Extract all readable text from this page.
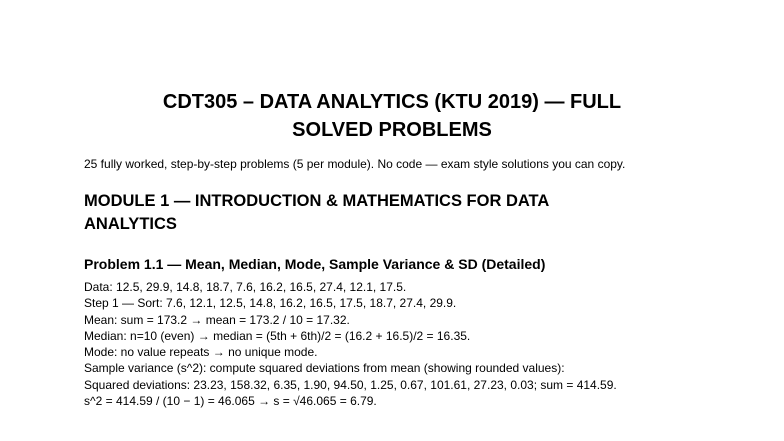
CDT305 – DATA ANALYTICS (KTU 2019) — FULL
SOLVED PROBLEMS

25 fully worked, step-by-step problems (5 per module). No code — exam style solutions you can copy.

MODULE 1 — INTRODUCTION & MATHEMATICS FOR DATA
ANALYTICS
Problem 1.1 — Mean, Median, Mode, Sample Variance & SD (Detailed)
Data: 12.5, 29.9, 14.8, 18.7, 7.6, 16.2, 16.5, 27.4, 12.1, 17.5.
Step 1 — Sort: 7.6, 12.1, 12.5, 14.8, 16.2, 16.5, 17.5, 18.7, 27.4, 29.9.
Mean: sum = 173.2 → mean = 173.2 / 10 = 17.32.
Median: n=10 (even) → median = (5th + 6th)/2 = (16.2 + 16.5)/2 = 16.35.
Mode: no value repeats → no unique mode.
Sample variance (s^2): compute squared deviations from mean (showing rounded values):
Squared deviations: 23.23, 158.32, 6.35, 1.90, 94.50, 1.25, 0.67, 101.61, 27.23, 0.03; sum = 414.59.
s^2 = 414.59 / (10 − 1) = 46.065 → s = √46.065 = 6.79.
